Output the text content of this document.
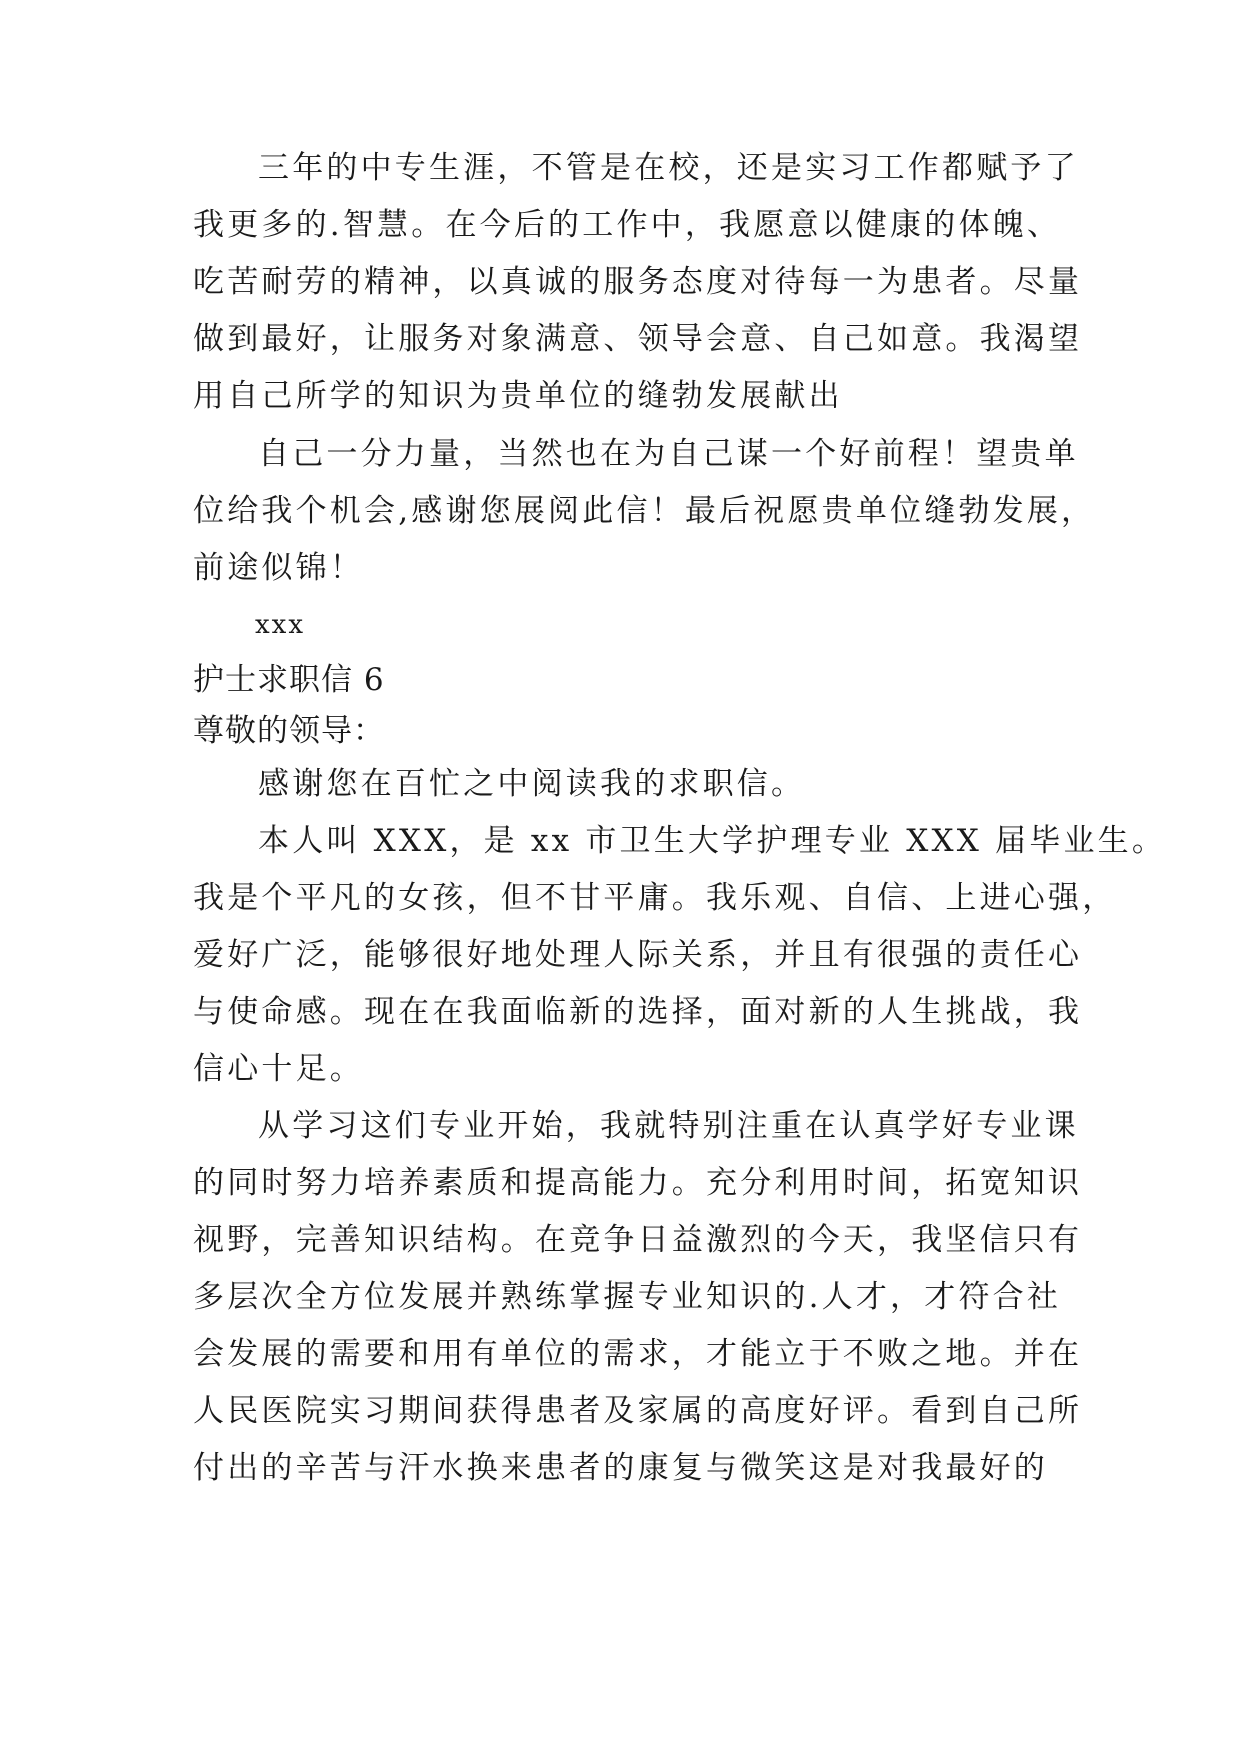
三年的中专生涯，不管是在校，还是实习工作都赋予了
我更多的.智慧。在今后的工作中，我愿意以健康的体魄、
吃苦耐劳的精神，以真诚的服务态度对待每一为患者。尽量
做到最好，让服务对象满意、领导会意、自己如意。我渴望
用自己所学的知识为贵单位的缝勃发展献出
自己一分力量，当然也在为自己谋一个好前程！望贵单
位给我个机会,感谢您展阅此信！最后祝愿贵单位缝勃发展，
前途似锦！
xxx
护士求职信 6
尊敬的领导：
感谢您在百忙之中阅读我的求职信。
本人叫 XXX，是 xx 市卫生大学护理专业 XXX 届毕业生。
我是个平凡的女孩，但不甘平庸。我乐观、自信、上进心强，
爱好广泛，能够很好地处理人际关系，并且有很强的责任心
与使命感。现在在我面临新的选择，面对新的人生挑战，我
信心十足。
从学习这们专业开始，我就特别注重在认真学好专业课
的同时努力培养素质和提高能力。充分利用时间，拓宽知识
视野，完善知识结构。在竞争日益激烈的今天，我坚信只有
多层次全方位发展并熟练掌握专业知识的.人才，才符合社
会发展的需要和用有单位的需求，才能立于不败之地。并在
人民医院实习期间获得患者及家属的高度好评。看到自己所
付出的辛苦与汗水换来患者的康复与微笑这是对我最好的
